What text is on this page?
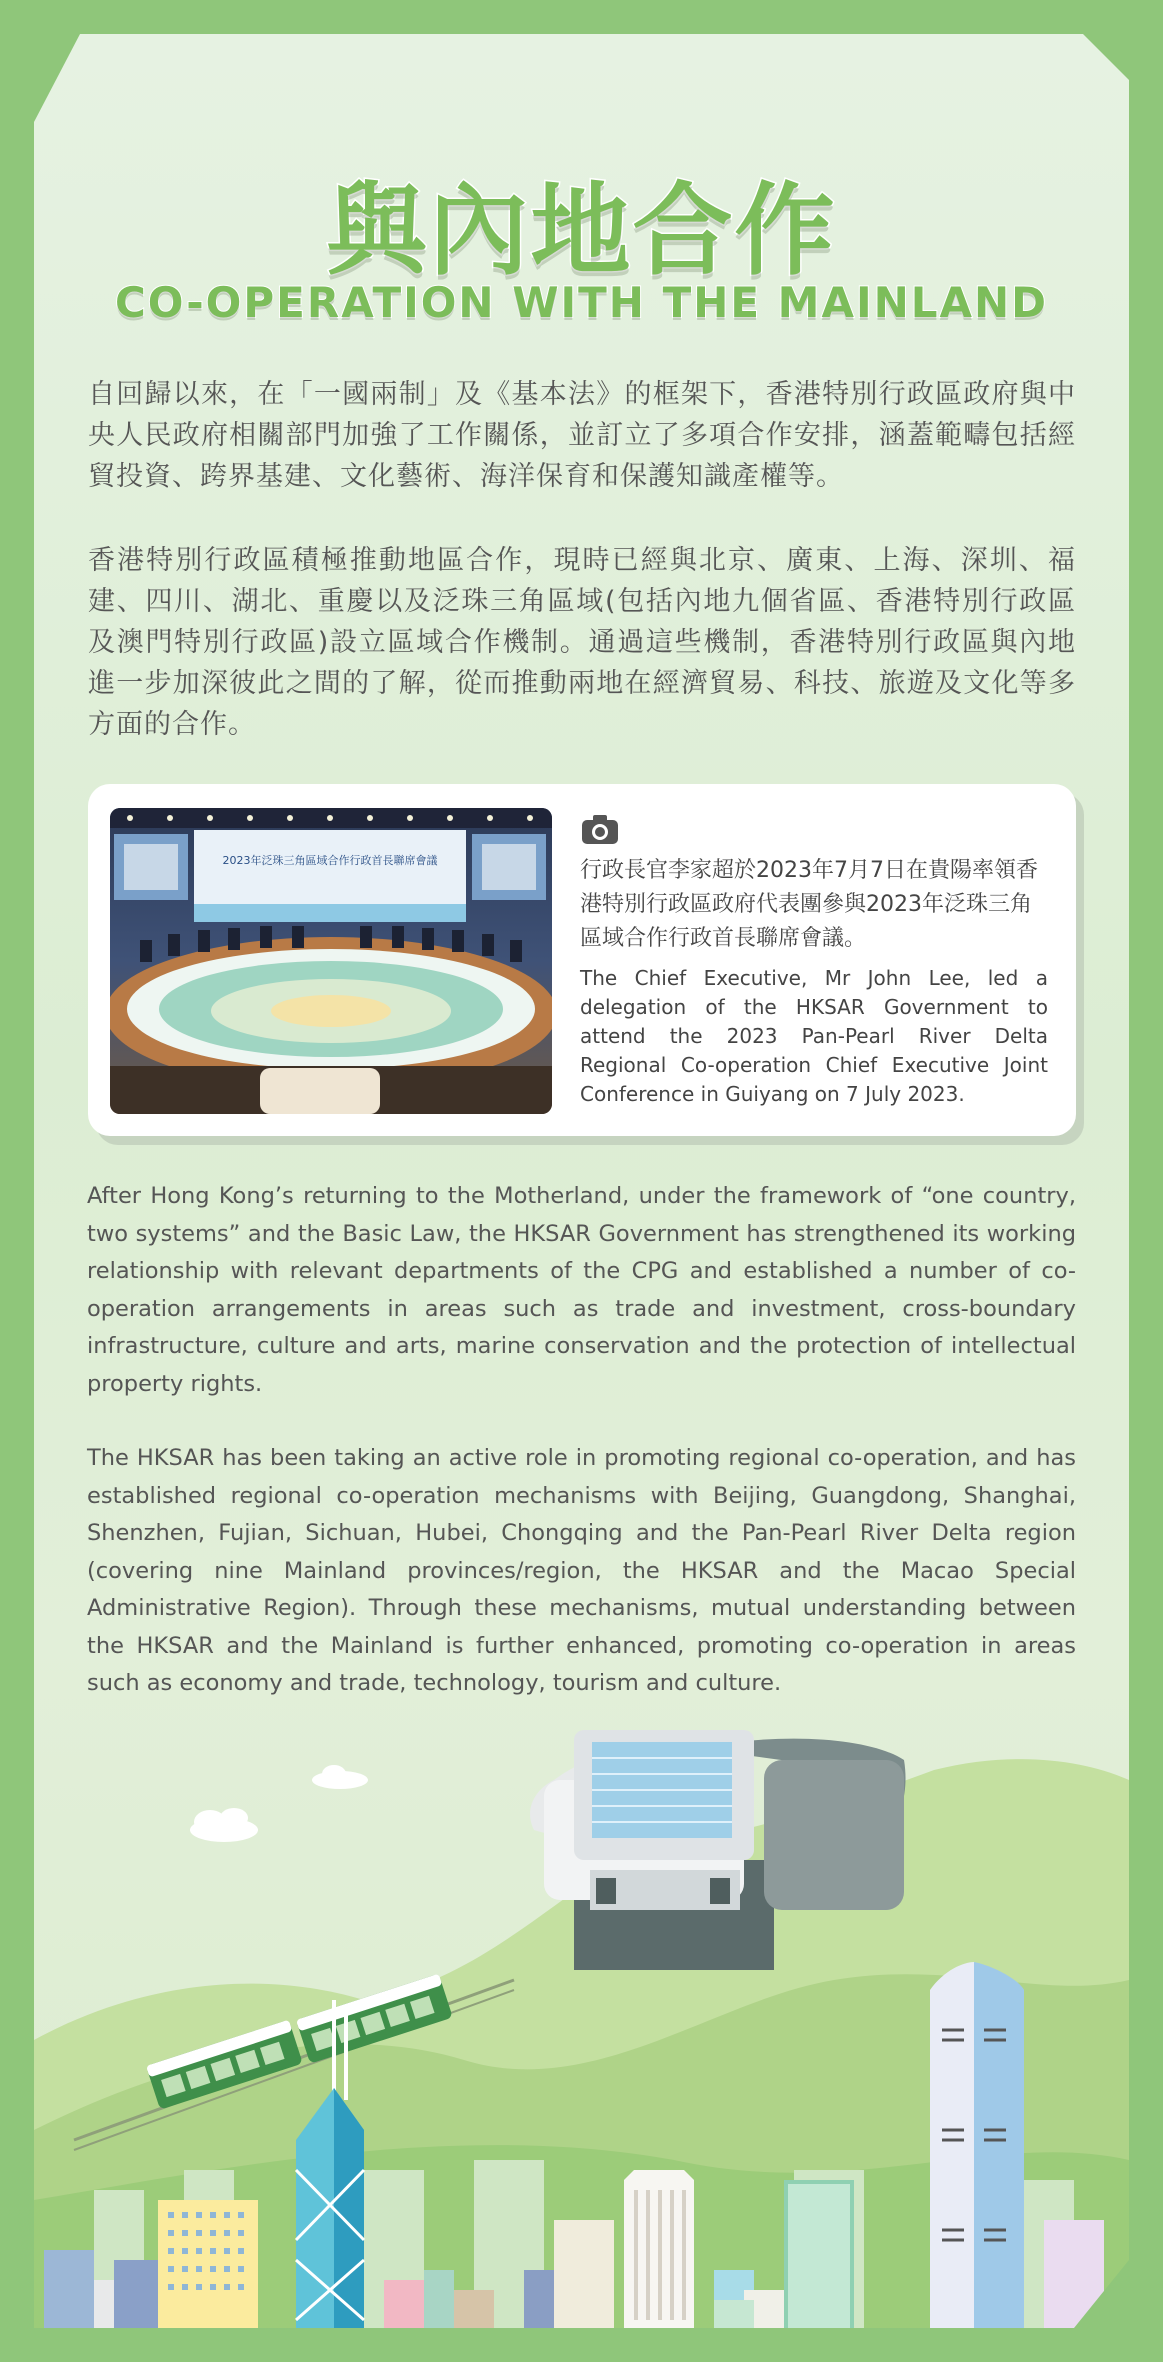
與內地合作
CO-OPERATION WITH THE MAINLAND
自回歸以來，在「一國兩制」及《基本法》的框架下，香港特別行政區政府與中央人民政府相關部門加強了工作關係，並訂立了多項合作安排，涵蓋範疇包括經貿投資、跨界基建、文化藝術、海洋保育和保護知識產權等。
香港特別行政區積極推動地區合作，現時已經與北京、廣東、上海、深圳、福建、四川、湖北、重慶以及泛珠三角區域(包括內地九個省區、香港特別行政區及澳門特別行政區)設立區域合作機制。通過這些機制，香港特別行政區與內地進一步加深彼此之間的了解，從而推動兩地在經濟貿易、科技、旅遊及文化等多方面的合作。
2023年泛珠三角區域合作行政首長聯席會議	行政長官李家超於2023年7月7日在貴陽率領香港特別行政區政府代表團參與2023年泛珠三角區域合作行政首長聯席會議。
The Chief Executive, Mr John Lee, led a delegation of the HKSAR Government to attend the 2023 Pan-Pearl River Delta Regional Co-operation Chief Executive Joint Conference in Guiyang on 7 July 2023.
After Hong Kong’s returning to the Motherland, under the framework of “one country, two systems” and the Basic Law, the HKSAR Government has strengthened its working relationship with relevant departments of the CPG and established a number of co-operation arrangements in areas such as trade and investment, cross-boundary infrastructure, culture and arts, marine conservation and the protection of intellectual property rights.
The HKSAR has been taking an active role in promoting regional co-operation, and has established regional co-operation mechanisms with Beijing, Guangdong, Shanghai, Shenzhen, Fujian, Sichuan, Hubei, Chongqing and the Pan-Pearl River Delta region (covering nine Mainland provinces/region, the HKSAR and the Macao Special Administrative Region). Through these mechanisms, mutual understanding between the HKSAR and the Mainland is further enhanced, promoting co-operation in areas such as economy and trade, technology, tourism and culture.
